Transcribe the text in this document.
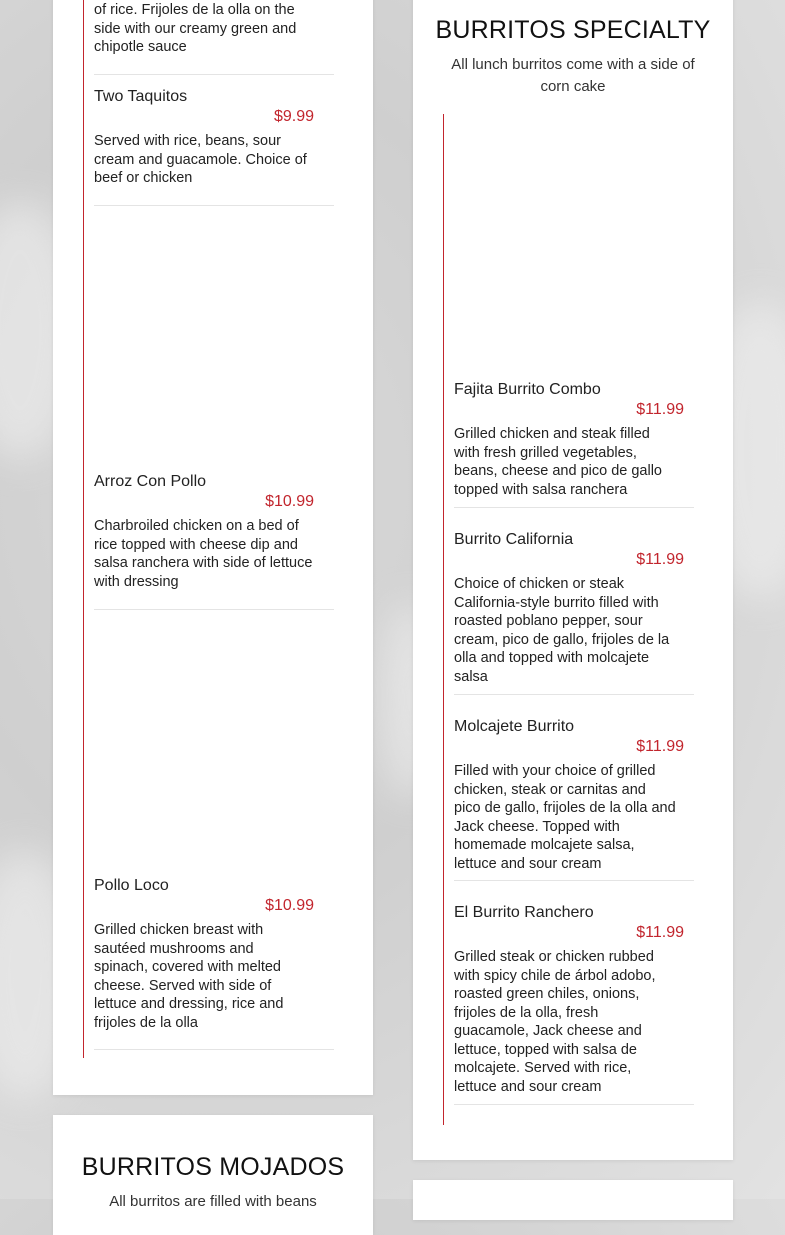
of rice. Frijoles de la olla on the side with our creamy green and chipotle sauce
Two Taquitos
$9.99
Served with rice, beans, sour cream and guacamole. Choice of beef or chicken
Arroz Con Pollo
$10.99
Charbroiled chicken on a bed of rice topped with cheese dip and salsa ranchera with side of lettuce with dressing
Pollo Loco
$10.99
Grilled chicken breast with sautéed mushrooms and spinach, covered with melted cheese. Served with side of lettuce and dressing, rice and frijoles de la olla
BURRITOS SPECIALTY
All lunch burritos come with a side of corn cake
Fajita Burrito Combo
$11.99
Grilled chicken and steak filled with fresh grilled vegetables, beans, cheese and pico de gallo topped with salsa ranchera
Burrito California
$11.99
Choice of chicken or steak California-style burrito filled with roasted poblano pepper, sour cream, pico de gallo, frijoles de la olla and topped with molcajete salsa
Molcajete Burrito
$11.99
Filled with your choice of grilled chicken, steak or carnitas and pico de gallo, frijoles de la olla and Jack cheese. Topped with homemade molcajete salsa, lettuce and sour cream
El Burrito Ranchero
$11.99
Grilled steak or chicken rubbed with spicy chile de árbol adobo, roasted green chiles, onions, frijoles de la olla, fresh guacamole, Jack cheese and lettuce, topped with salsa de molcajete. Served with rice, lettuce and sour cream
BURRITOS MOJADOS
All burritos are filled with beans
